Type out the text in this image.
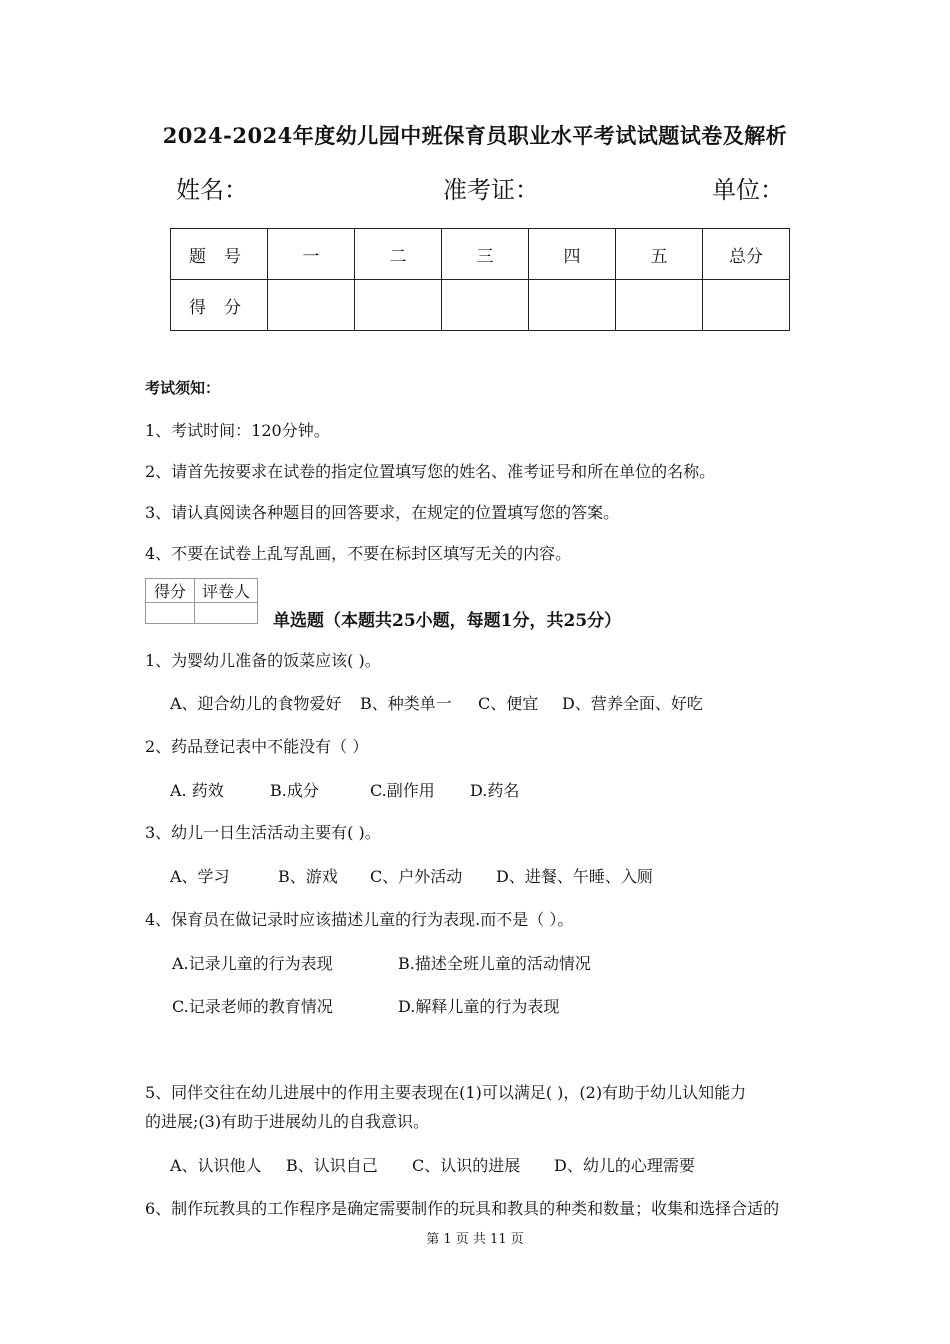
2024-2024年度幼儿园中班保育员职业水平考试试题试卷及解析
姓名：	准考证：	单位：
题号	一	二	三	四	五	总分
得分						
考试须知：
1、考试时间：120分钟。
2、请首先按要求在试卷的指定位置填写您的姓名、准考证号和所在单位的名称。
3、请认真阅读各种题目的回答要求，在规定的位置填写您的答案。
4、不要在试卷上乱写乱画，不要在标封区填写无关的内容。
得分	评卷人

单选题（本题共25小题，每题1分，共25分）
1、为婴幼儿准备的饭菜应该( )。
A、迎合幼儿的食物爱好 B、种类单一 C、便宜 D、营养全面、好吃
2、药品登记表中不能没有（ ）
A. 药效	B.成分	C.副作用 D.药名
3、幼儿一日生活活动主要有( )。
A、学习	B、游戏 C、户外活动 D、进餐、午睡、入厕
4、保育员在做记录时应该描述儿童的行为表现.而不是（ ）。
A.记录儿童的行为表现	B.描述全班儿童的活动情况
C.记录老师的教育情况	D.解释儿童的行为表现
5、同伴交往在幼儿进展中的作用主要表现在(1)可以满足( )，(2)有助于幼儿认知能力
的进展;(3)有助于进展幼儿的自我意识。
A、认识他人 B、认识自己 C、认识的进展 D、幼儿的心理需要
6、制作玩教具的工作程序是确定需要制作的玩具和教具的种类和数量；收集和选择合适的
第 1 页 共 11 页
